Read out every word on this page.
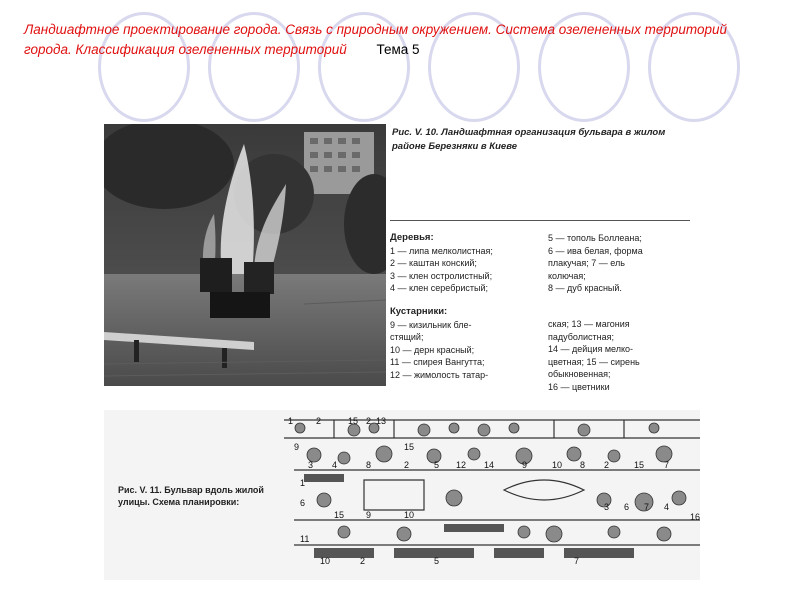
Ландшафтное проектирование города. Связь с природным окружением. Система озелененных территорий города. Классификация озелененных территорий Тема 5
Рис. V. 10. Ландшафтная организация бульвара в жилом районе Березняки в Киеве
Деревья:
1 — липа мелколистная;
2 — каштан конский;
3 — клен остролистный;
4 — клен серебристый;
5 — тополь Боллеана;
6 — ива белая, форма
плакучая; 7 — ель
колючая;
8 — дуб красный.
Кустарники:
9 — кизильник бле-
стящий;
10 — дерн красный;
11 — спирея Вангутта;
12 — жимолость татар-
ская; 13 — магония
падуболистная;
14 — дейция мелко-
цветная; 15 — сирень
обыкновенная;
16 — цветники
1	2	15 2 13
15
9
3 4	8	2	5 12 14	9	10 8 2	15 7
1
6
15 9	10
3 6 7 4
16
11
10	2	5	7
Рис. V. 11. Бульвар вдоль жилой улицы. Схема планировки:
